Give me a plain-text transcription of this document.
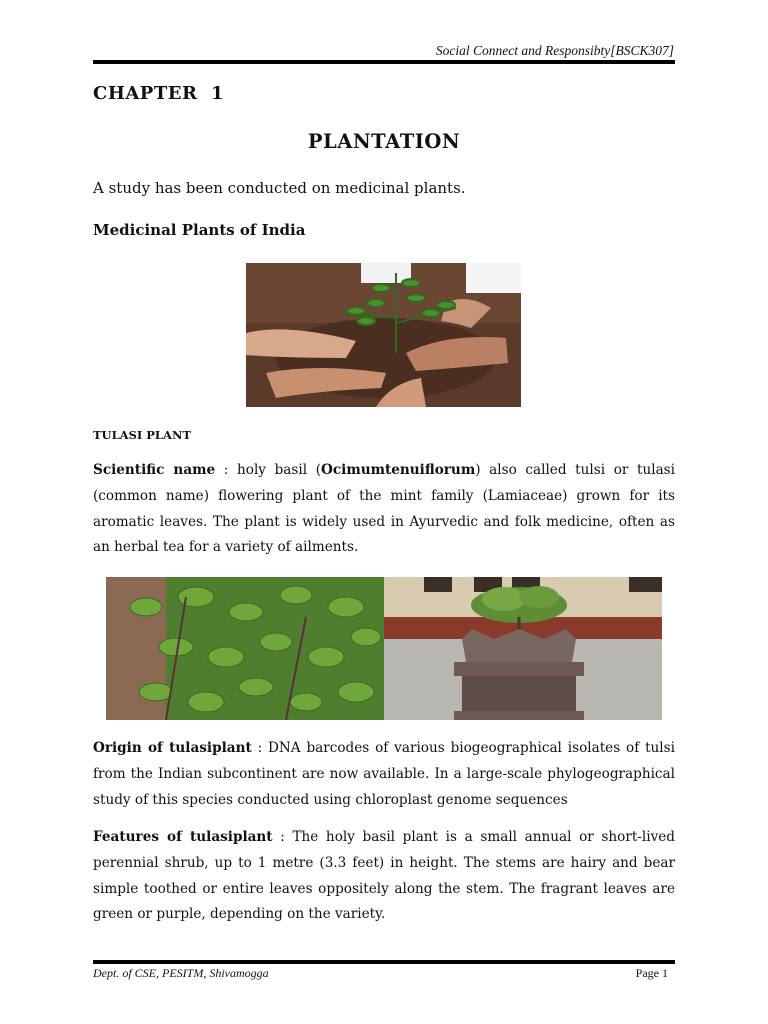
Social Connect and Responsibty[BSCK307]
CHAPTER  1
PLANTATION
A study has been conducted on medicinal plants.
Medicinal Plants of India
TULASI PLANT
Scientific name : holy basil (Ocimumtenuiflorum) also called tulsi or tulasi (common name) flowering plant of the mint family (Lamiaceae) grown for its aromatic leaves. The plant is widely used in Ayurvedic and folk medicine, often as an herbal tea for a variety of ailments.
Origin of tulasiplant : DNA barcodes of various biogeographical isolates of tulsi from the Indian subcontinent are now available. In a large-scale phylogeographical study of this species conducted using chloroplast genome sequences
Features of tulasiplant : The holy basil plant is a small annual or short-lived perennial shrub, up to 1 metre (3.3 feet) in height. The stems are hairy and bear simple toothed or entire leaves oppositely along the stem. The fragrant leaves are green or purple, depending on the variety.
Dept. of CSE, PESITM, Shivamogga	Page 1
